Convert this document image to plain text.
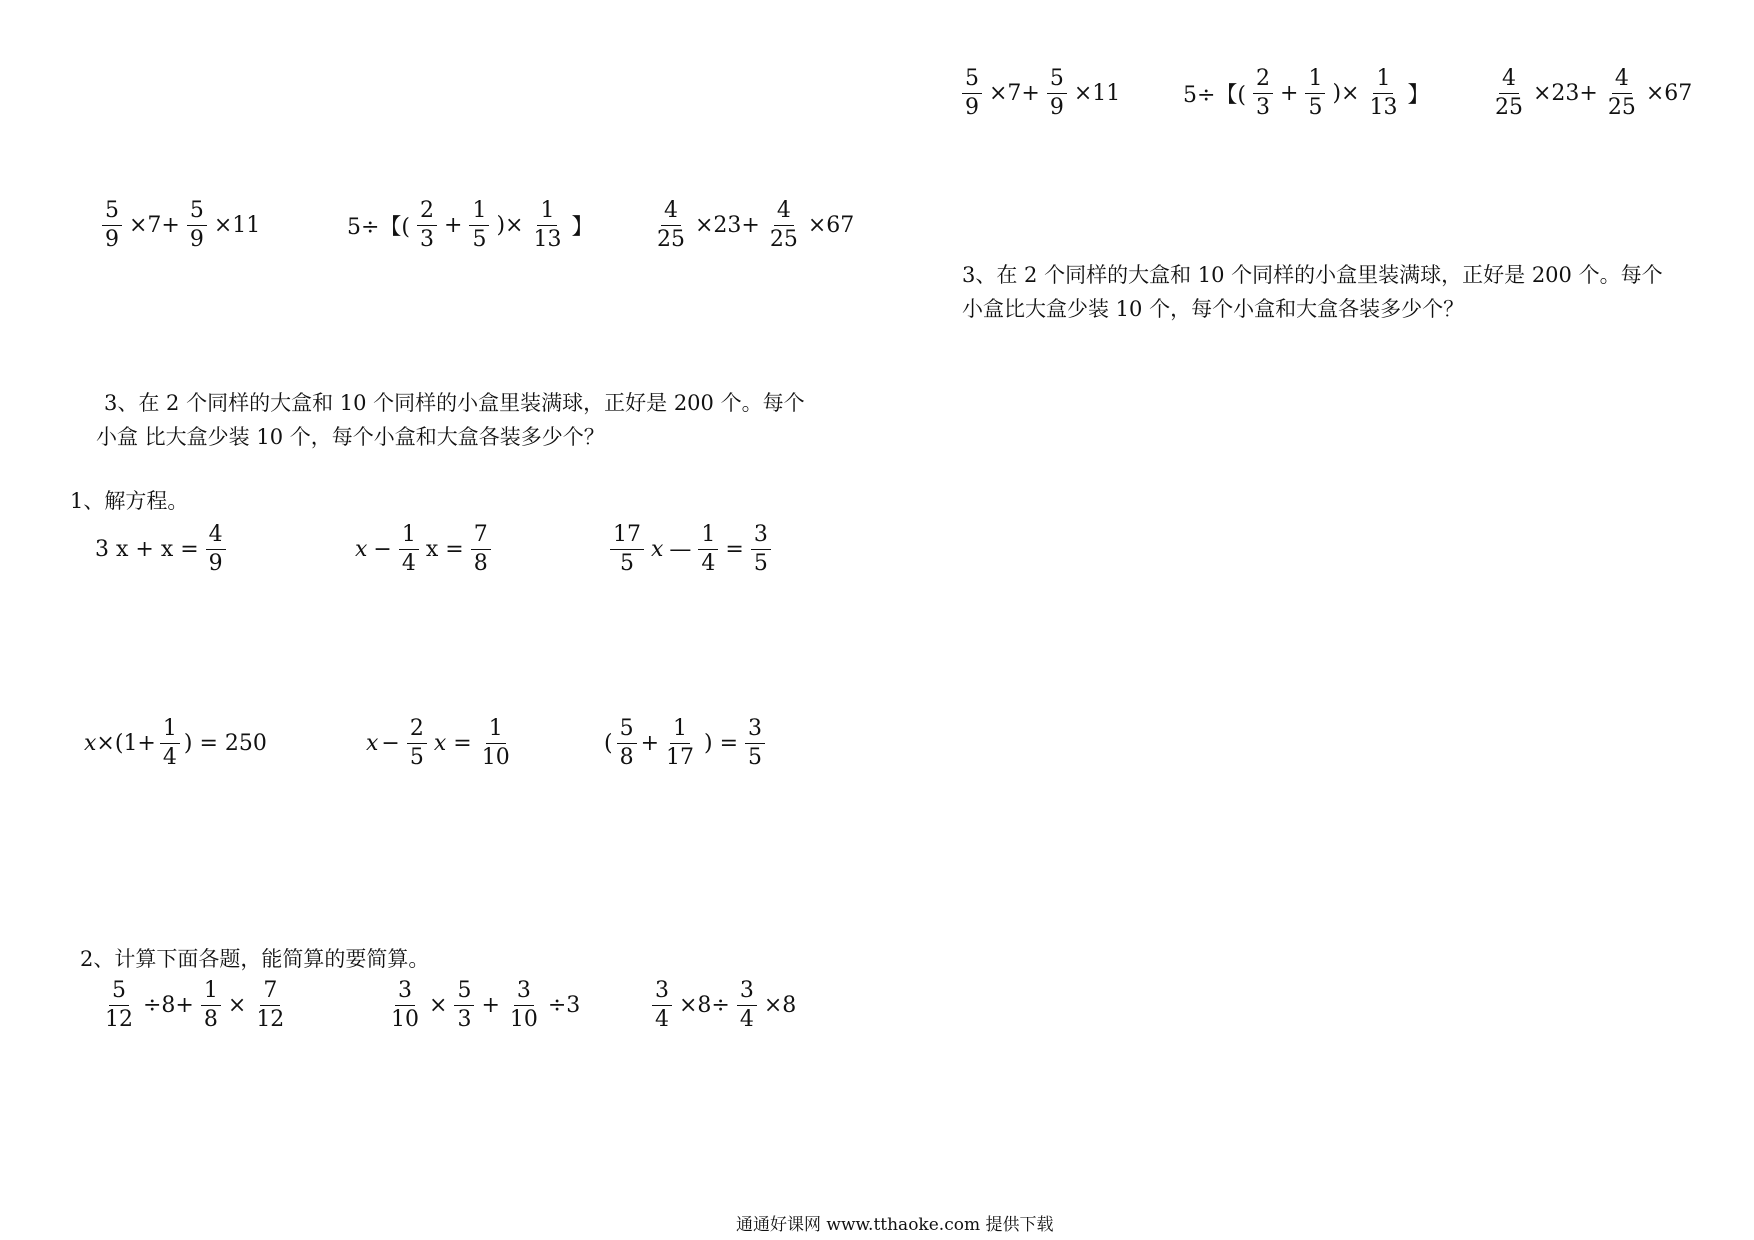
$\frac{5}{9} \times 7+ \frac{5}{9} \times 11$	5÷【( $\frac{2}{3} + \frac{1}{5}$ )× $\frac{1}{13}$ 】	$\frac{4}{25} \times 23+ \frac{4}{25} \times 67$
3、在 2 个同样的大盒和 10 个同样的小盒里装满球，正好是 200 个。每个
小盒比大盒少装 10 个，每个小盒和大盒各装多少个？
$\frac{5}{9} \times 7+ \frac{5}{9} \times 11$	5÷【( $\frac{2}{3} + \frac{1}{5}$ )× $\frac{1}{13}$ 】	$\frac{4}{25} \times 23+ \frac{4}{25} \times 67$
3、在 2 个同样的大盒和 10 个同样的小盒里装满球，正好是 200 个。每个
小盒 比大盒少装 10 个，每个小盒和大盒各装多少个？
1、解方程。
3 $x + x = \frac{4}{9}$	$x - \frac{1}{4}$ $x = \frac{7}{8}$	$\frac{17}{5}$ x — $\frac{1}{4} = \frac{3}{5}$
$x \times(1+ \frac{1}{4}$ ) = 250	$x - \frac{2}{5}$ $x = \frac{1}{10}$	( $\frac{5}{8} + \frac{1}{17}$ ) = $\frac{3}{5}$
2、计算下面各题，能简算的要简算。
$\frac{5}{12} \div 8+ \frac{1}{8} \times \frac{7}{12}$	$\frac{3}{10} \times \frac{5}{3} + \frac{3}{10} \div 3$	$\frac{3}{4} \times 8\div \frac{3}{4} \times 8$
通通好课网 www.tthaoke.com 提供下载
